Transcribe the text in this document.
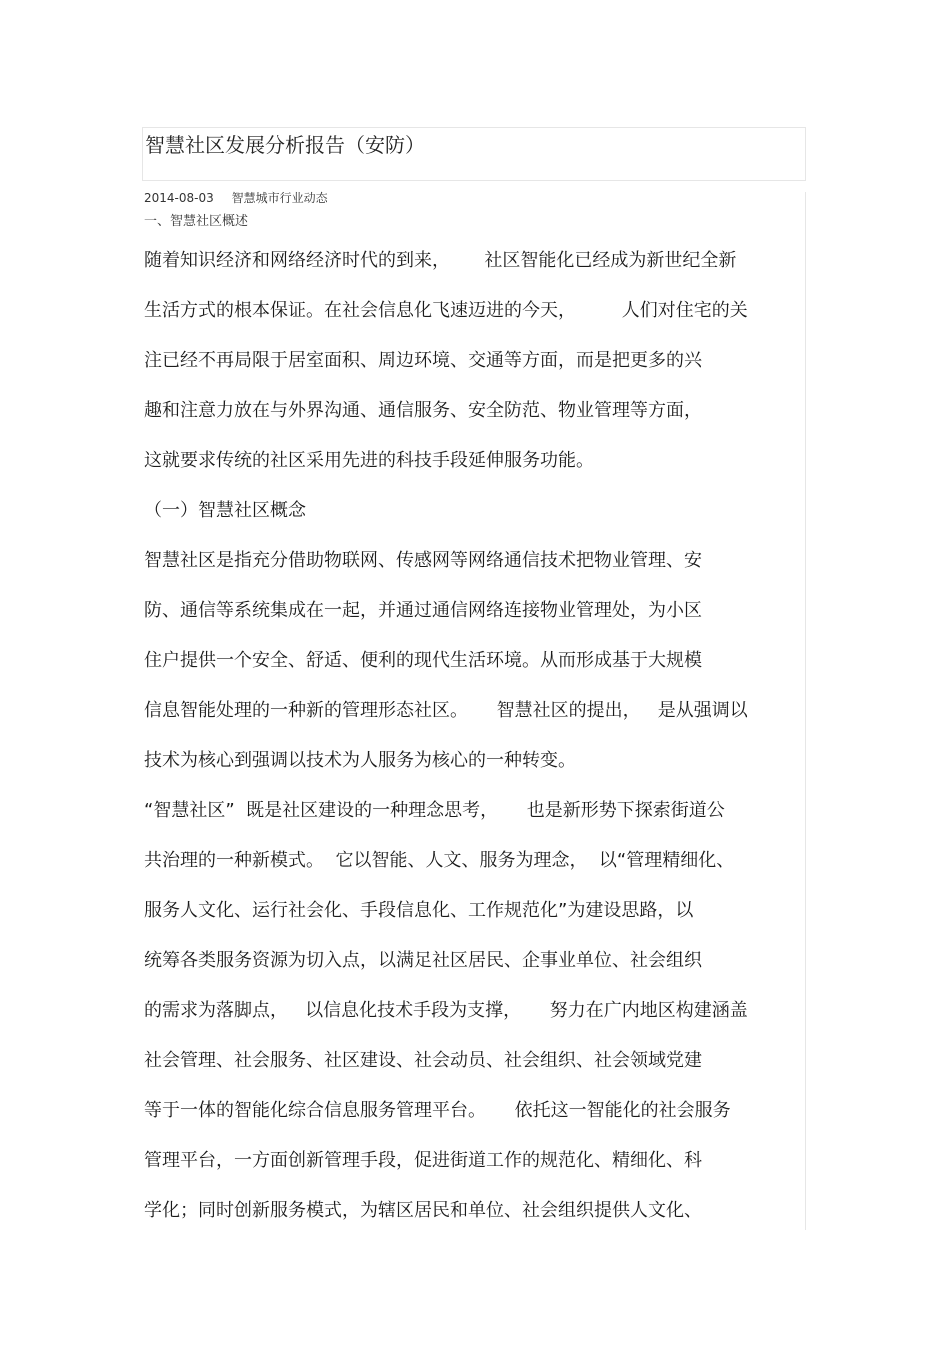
智慧社区发展分析报告（安防）
2014-08-03 智慧城市行业动态
一、智慧社区概述
随着知识经济和网络经济时代的到来，      社区智能化已经成为新世纪全新
生活方式的根本保证。在社会信息化飞速迈进的今天，        人们对住宅的关
注已经不再局限于居室面积、周边环境、交通等方面，而是把更多的兴
趣和注意力放在与外界沟通、通信服务、安全防范、物业管理等方面，
这就要求传统的社区采用先进的科技手段延伸服务功能。
（一）智慧社区概念
智慧社区是指充分借助物联网、传感网等网络通信技术把物业管理、安
防、通信等系统集成在一起，并通过通信网络连接物业管理处，为小区
住户提供一个安全、舒适、便利的现代生活环境。从而形成基于大规模
信息智能处理的一种新的管理形态社区。     智慧社区的提出，   是从强调以
技术为核心到强调以技术为人服务为核心的一种转变。
“智慧社区”  既是社区建设的一种理念思考，     也是新形势下探索街道公
共治理的一种新模式。  它以智能、人文、服务为理念，  以“管理精细化、
服务人文化、运行社会化、手段信息化、工作规范化”为建设思路，以
统筹各类服务资源为切入点，以满足社区居民、企事业单位、社会组织
的需求为落脚点，   以信息化技术手段为支撑，     努力在广内地区构建涵盖
社会管理、社会服务、社区建设、社会动员、社会组织、社会领域党建
等于一体的智能化综合信息服务管理平台。     依托这一智能化的社会服务
管理平台，一方面创新管理手段，促进街道工作的规范化、精细化、科
学化；同时创新服务模式，为辖区居民和单位、社会组织提供人文化、
